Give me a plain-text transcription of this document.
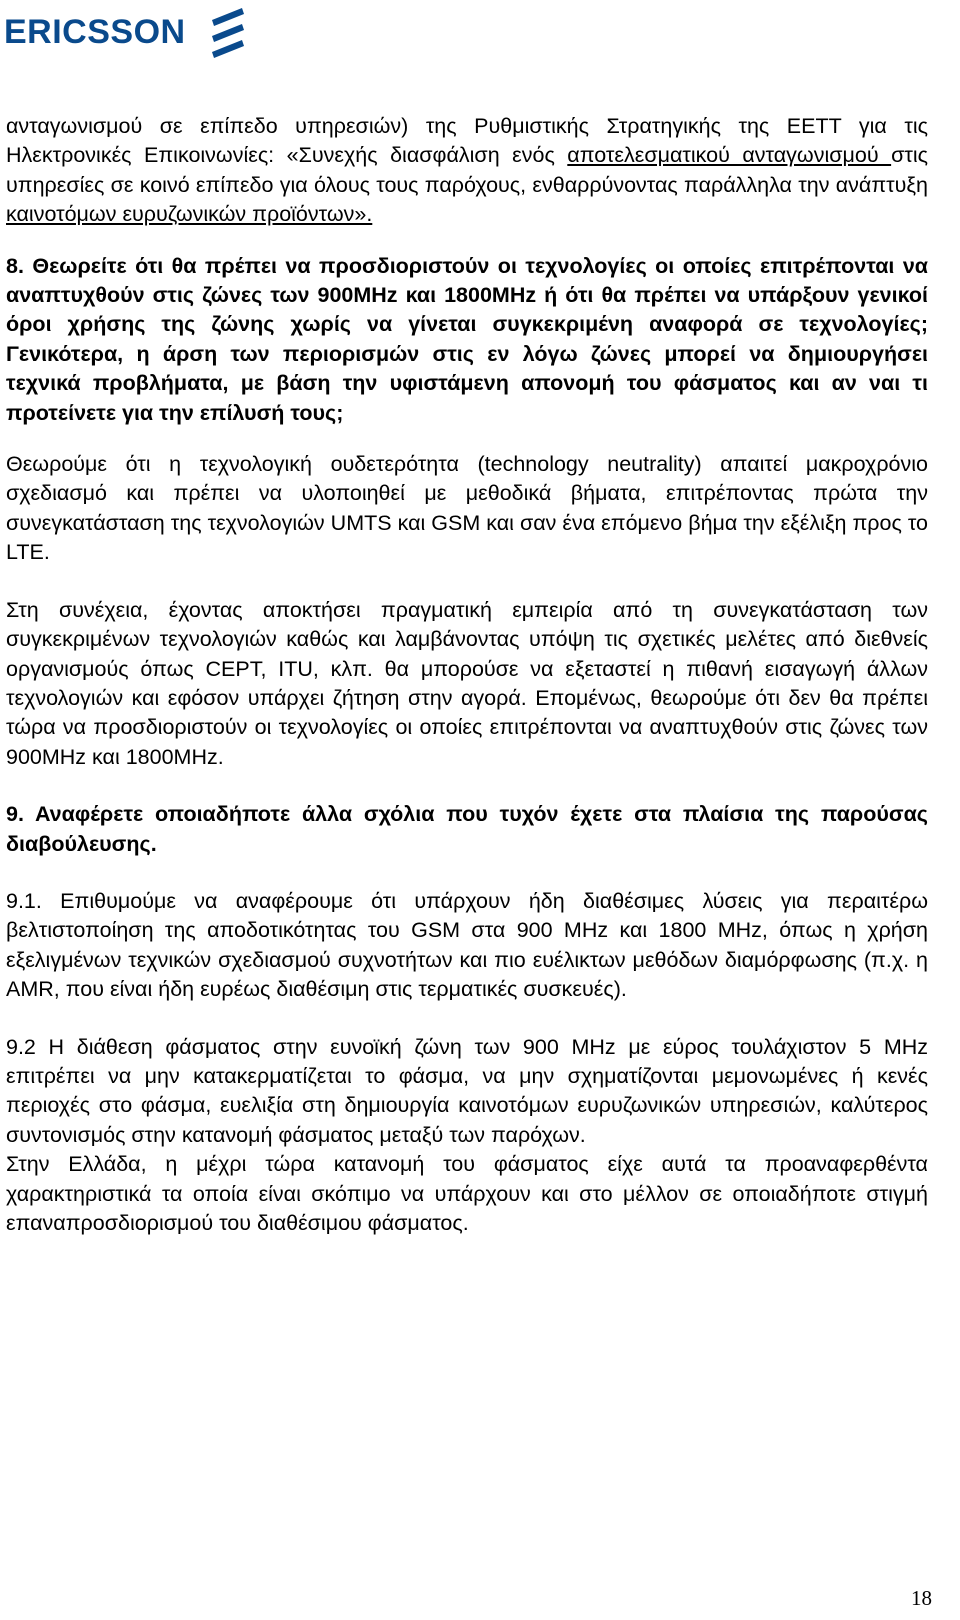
ERICSSON

ανταγωνισμού σε επίπεδο υπηρεσιών) της Ρυθμιστικής Στρατηγικής της ΕΕΤΤ για τις Ηλεκτρονικές Επικοινωνίες: «Συνεχής διασφάλιση ενός αποτελεσματικού ανταγωνισμού στις υπηρεσίες σε κοινό επίπεδο για όλους τους παρόχους, ενθαρρύνοντας παράλληλα την ανάπτυξη καινοτόμων ευρυζωνικών προϊόντων».

8. Θεωρείτε ότι θα πρέπει να προσδιοριστούν οι τεχνολογίες οι οποίες επιτρέπονται να αναπτυχθούν στις ζώνες των 900MHz και 1800MHz ή ότι θα πρέπει να υπάρξουν γενικοί όροι χρήσης της ζώνης χωρίς να γίνεται συγκεκριμένη αναφορά σε τεχνολογίες; Γενικότερα, η άρση των περιορισμών στις εν λόγω ζώνες μπορεί να δημιουργήσει τεχνικά προβλήματα, με βάση την υφιστάμενη απονομή του φάσματος και αν ναι τι προτείνετε για την επίλυσή τους;

Θεωρούμε ότι η τεχνολογική ουδετερότητα (technology neutrality) απαιτεί μακροχρόνιο σχεδιασμό και πρέπει να υλοποιηθεί με μεθοδικά βήματα, επιτρέποντας πρώτα την συνεγκατάσταση της τεχνολογιών UMTS και GSM και σαν ένα επόμενο βήμα την εξέλιξη προς το LTE.

Στη συνέχεια, έχοντας αποκτήσει πραγματική εμπειρία από τη συνεγκατάσταση των συγκεκριμένων τεχνολογιών καθώς και λαμβάνοντας υπόψη τις σχετικές μελέτες από διεθνείς οργανισμούς όπως CEPT, ITU, κλπ. θα μπορούσε να εξεταστεί η πιθανή εισαγωγή άλλων τεχνολογιών και εφόσον υπάρχει ζήτηση στην αγορά. Επομένως, θεωρούμε ότι δεν θα πρέπει τώρα να προσδιοριστούν οι τεχνολογίες οι οποίες επιτρέπονται να αναπτυχθούν στις ζώνες των 900MHz και 1800MHz.

9. Αναφέρετε οποιαδήποτε άλλα σχόλια που τυχόν έχετε στα πλαίσια της παρούσας διαβούλευσης.

9.1. Επιθυμούμε να αναφέρουμε ότι υπάρχουν ήδη διαθέσιμες λύσεις για περαιτέρω βελτιστοποίηση της αποδοτικότητας του GSM στα 900 MHz και 1800 MHz, όπως η χρήση εξελιγμένων τεχνικών σχεδιασμού συχνοτήτων και πιο ευέλικτων μεθόδων διαμόρφωσης (π.χ. η AMR, που είναι ήδη ευρέως διαθέσιμη στις τερματικές συσκευές).

9.2 Η διάθεση φάσματος στην ευνοϊκή ζώνη των 900 MHz με εύρος τουλάχιστον 5 MHz επιτρέπει να μην κατακερματίζεται το φάσμα, να μην σχηματίζονται μεμονωμένες ή κενές περιοχές στο φάσμα, ευελιξία στη δημιουργία καινοτόμων ευρυζωνικών υπηρεσιών, καλύτερος συντονισμός στην κατανομή φάσματος μεταξύ των παρόχων.

Στην Ελλάδα, η μέχρι τώρα κατανομή του φάσματος είχε αυτά τα προαναφερθέντα χαρακτηριστικά τα οποία είναι σκόπιμο να υπάρχουν και στο μέλλον σε οποιαδήποτε στιγμή επαναπροσδιορισμού του διαθέσιμου φάσματος.

18
